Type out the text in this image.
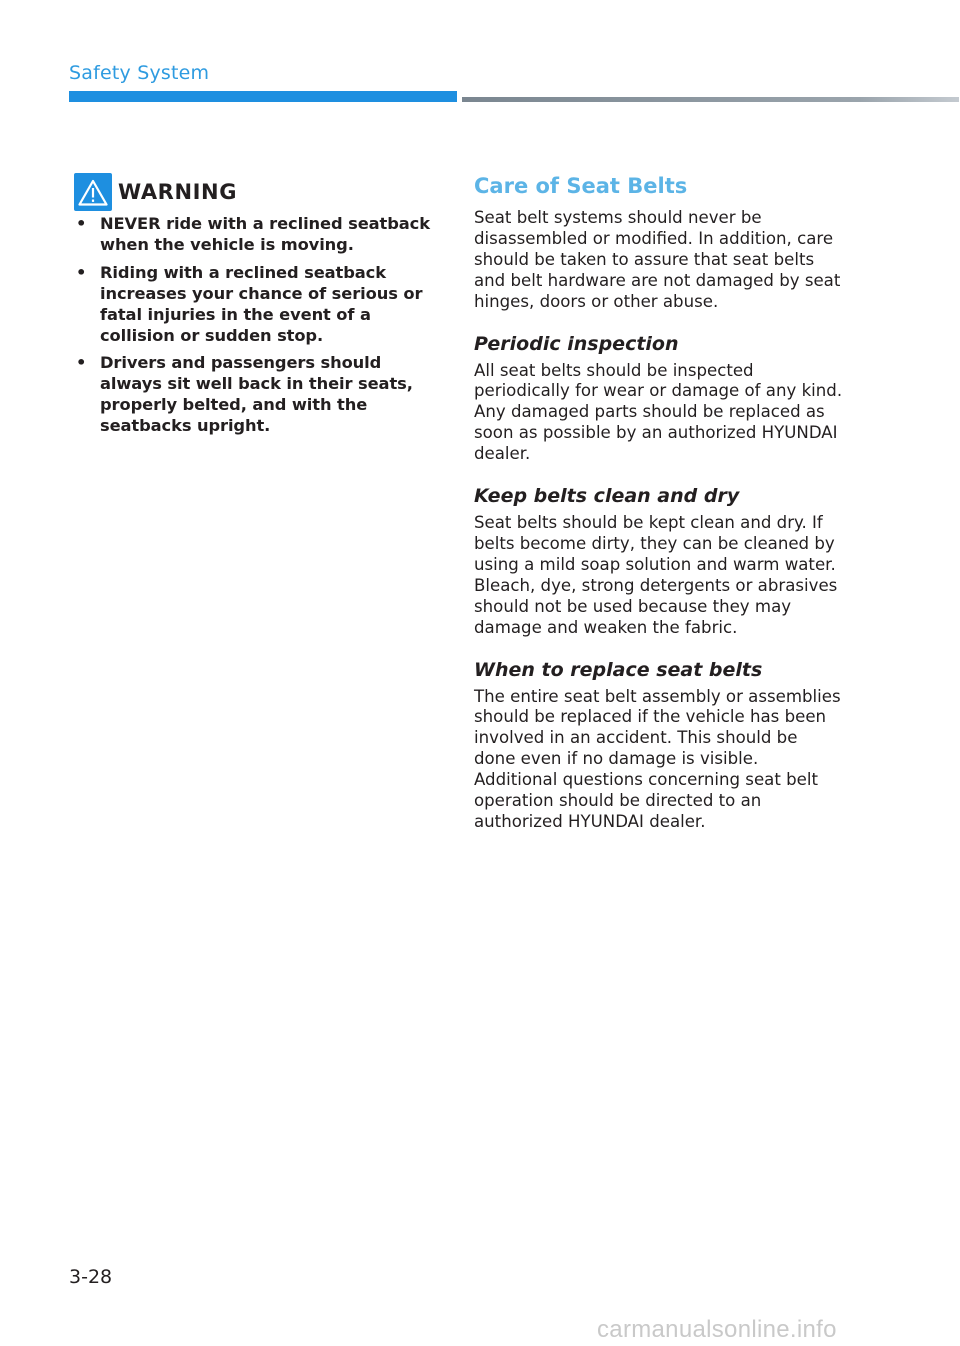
Safety System
WARNING
• NEVER ride with a reclined seatback when the vehicle is moving.
• Riding with a reclined seatback increases your chance of serious or fatal injuries in the event of a collision or sudden stop.
• Drivers and passengers should always sit well back in their seats, properly belted, and with the seatbacks upright.
Care of Seat Belts

Seat belt systems should never be disassembled or modified. In addition, care should be taken to assure that seat belts and belt hardware are not damaged by seat hinges, doors or other abuse.

Periodic inspection

All seat belts should be inspected periodically for wear or damage of any kind. Any damaged parts should be replaced as soon as possible by an authorized HYUNDAI dealer.

Keep belts clean and dry

Seat belts should be kept clean and dry. If belts become dirty, they can be cleaned by using a mild soap solution and warm water. Bleach, dye, strong detergents or abrasives should not be used because they may damage and weaken the fabric.

When to replace seat belts

The entire seat belt assembly or assemblies should be replaced if the vehicle has been involved in an accident. This should be done even if no damage is visible. Additional questions concerning seat belt operation should be directed to an authorized HYUNDAI dealer.

3-28
carmanualsonline.info
